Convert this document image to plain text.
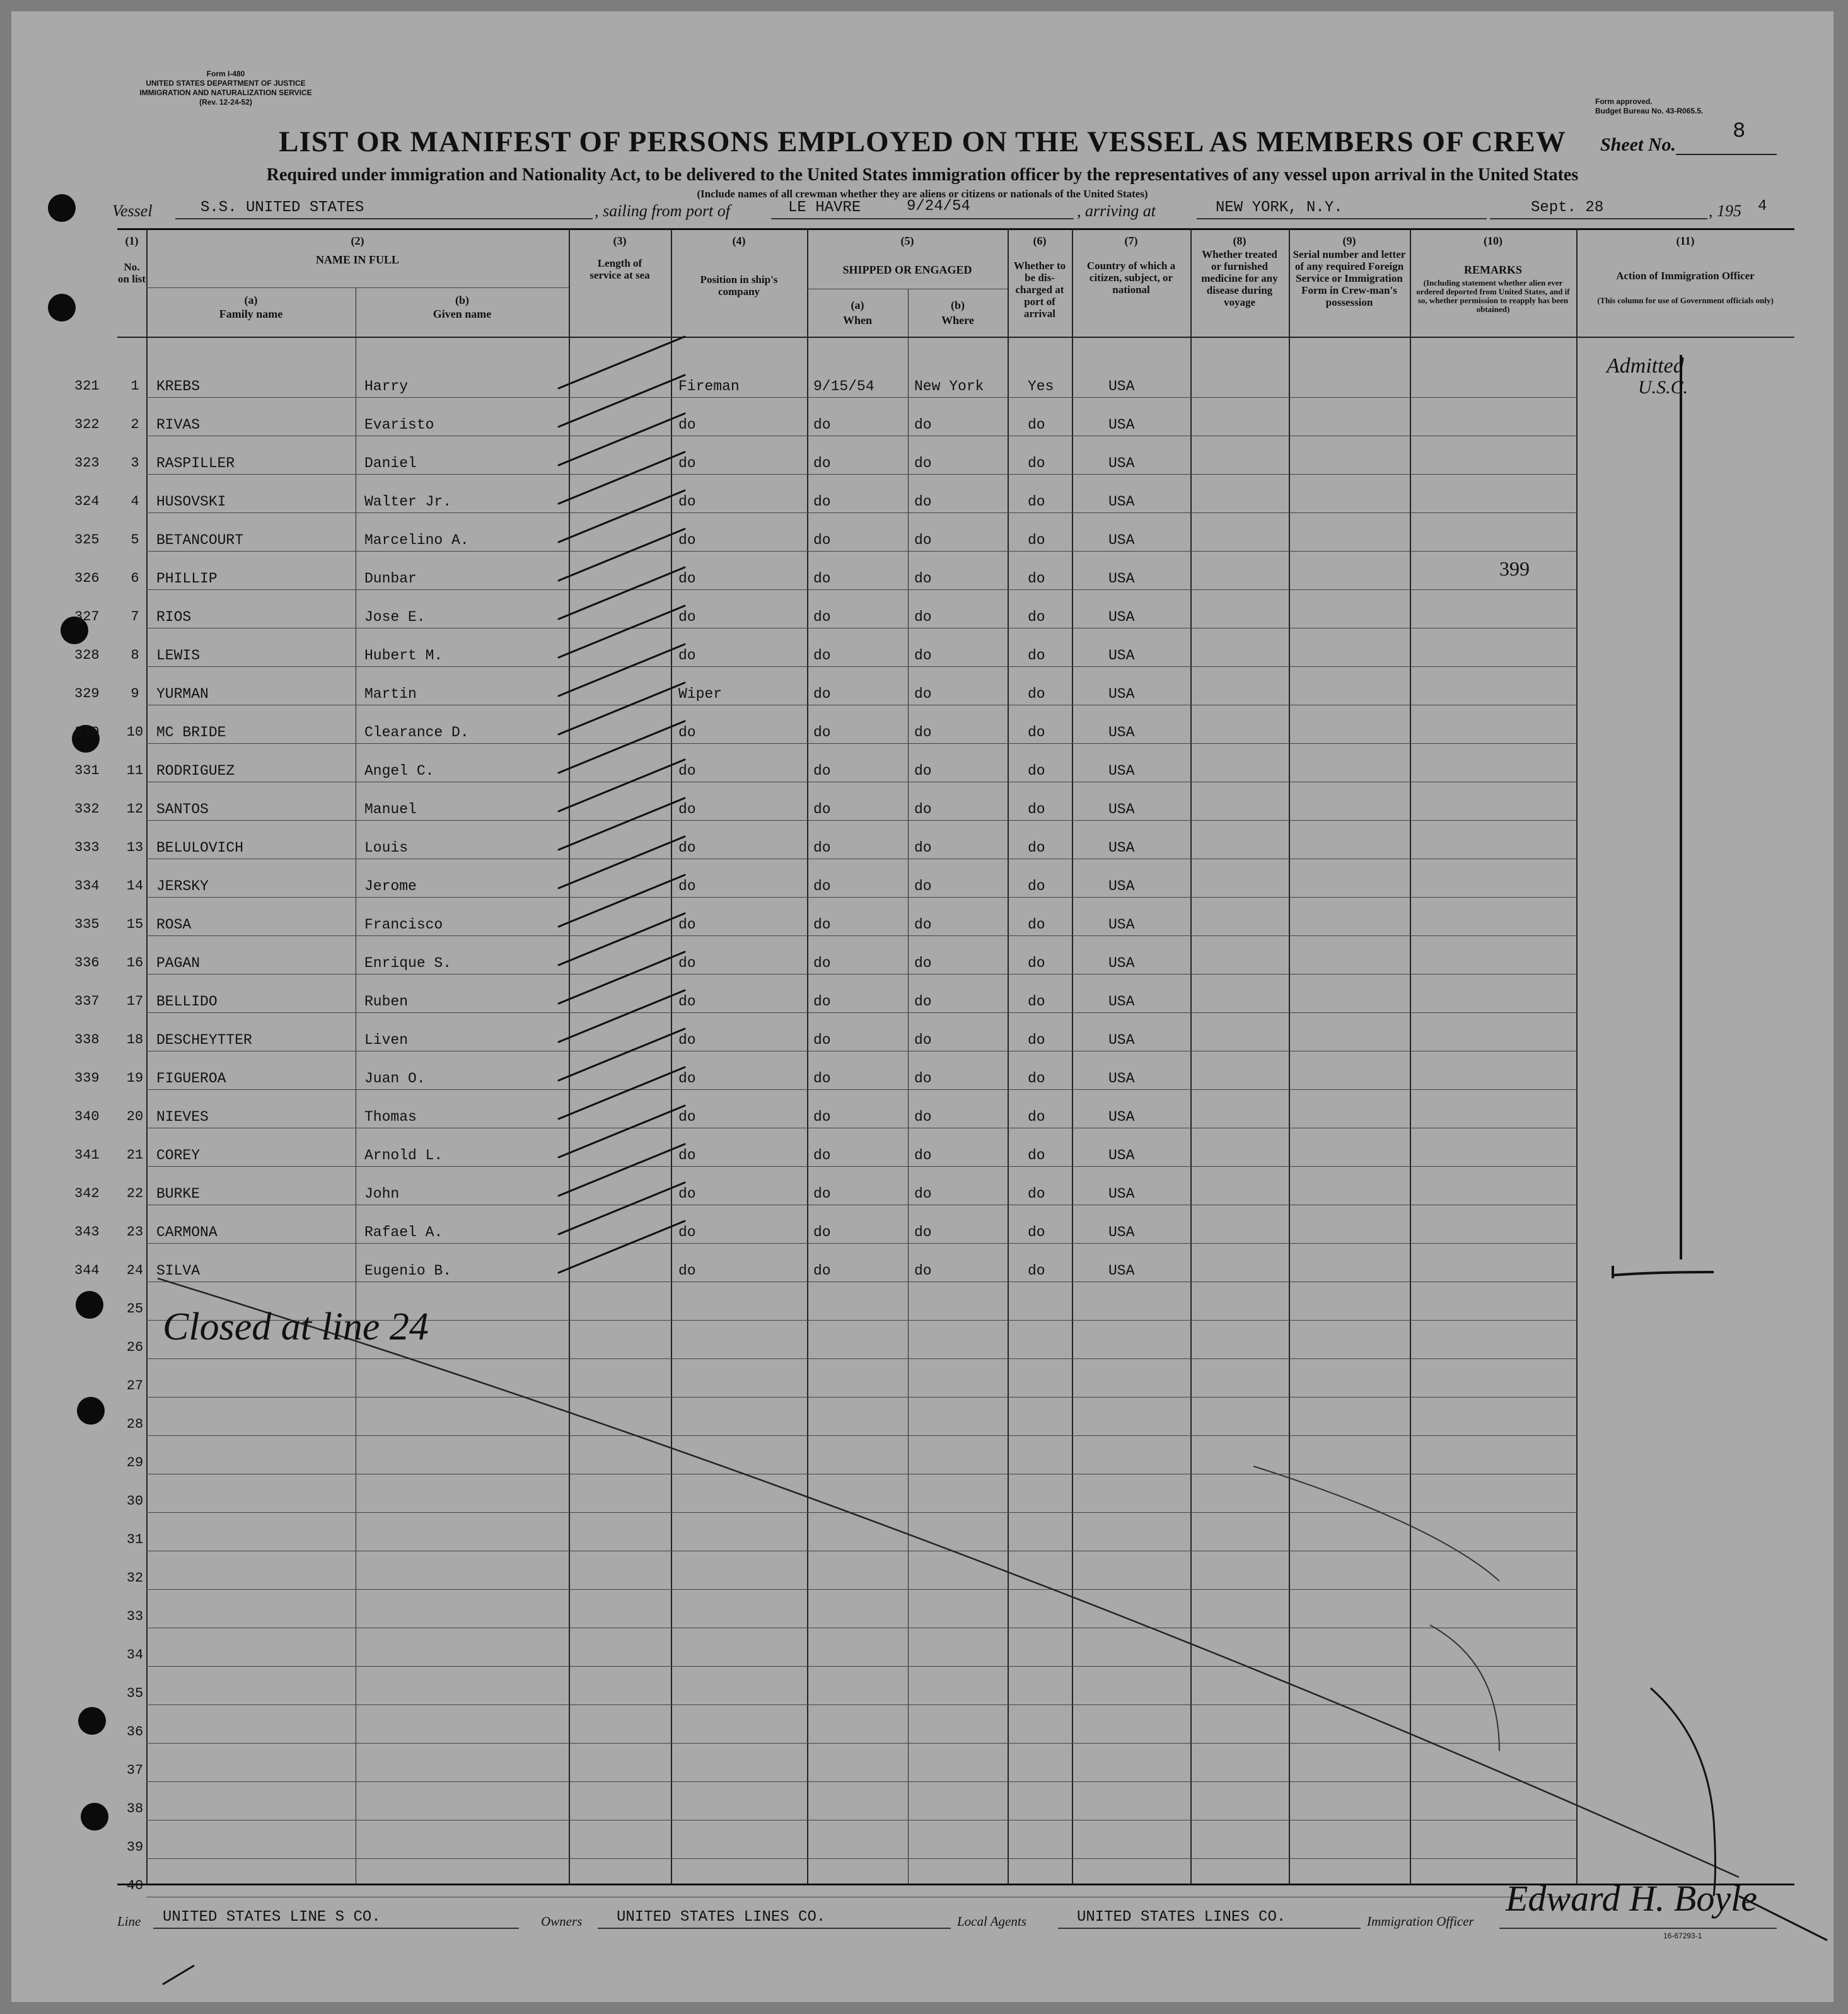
Form I-480
UNITED STATES DEPARTMENT OF JUSTICE
IMMIGRATION AND NATURALIZATION SERVICE
(Rev. 12-24-52)	Form approved.
Budget Bureau No. 43-R065.5.
LIST OR MANIFEST OF PERSONS EMPLOYED ON THE VESSEL AS MEMBERS OF CREW	Sheet No.
8
Required under immigration and Nationality Act, to be delivered to the United States immigration officer by the representatives of any vessel upon arrival in the United States
(Include names of all crewman whether they are aliens or citizens or nationals of the United States)
Vessel	S.S. UNITED STATES	, sailing from port of	LE HAVRE	9/24/54	, arriving at	NEW YORK, N.Y.	Sept. 28	, 195 4
(1)
No. on list
(2)
NAME IN FULL
(a)
Family name
(b)
Given name
(3)
Length of service at sea
(4)
Position in ship's company
(5)
SHIPPED OR ENGAGED
(a)
When
(b)
Where
(6)
Whether to be dis-charged at port of arrival
(7)
Country of which a citizen, subject, or national
(8)
Whether treated or furnished medicine for any disease during voyage
(9)
Serial number and letter of any required Foreign Service or Immigration Form in Crew-man's possession
(10)
REMARKS
(Including statement whether alien ever ordered deported from United States, and if so, whether permission to reapply has been obtained)
(11)
Action of Immigration Officer
(This column for use of Government officials only)
321	1	KREBS	Harry	Fireman	9/15/54	New York	Yes	USA
322	2	RIVAS	Evaristo	do	do	do	do	USA
323	3	RASPILLER	Daniel	do	do	do	do	USA
324	4	HUSOVSKI	Walter Jr.	do	do	do	do	USA
325	5	BETANCOURT	Marcelino A.	do	do	do	do	USA
326	6	PHILLIP	Dunbar	do	do	do	do	USA
327	7	RIOS	Jose E.	do	do	do	do	USA
328	8	LEWIS	Hubert M.	do	do	do	do	USA
329	9	YURMAN	Martin	Wiper	do	do	do	USA
330	10 MC BRIDE	Clearance D.	do	do	do	do	USA
331	11 RODRIGUEZ	Angel C.	do	do	do	do	USA
332	12 SANTOS	Manuel	do	do	do	do	USA
333	13 BELULOVICH	Louis	do	do	do	do	USA
334	14 JERSKY	Jerome	do	do	do	do	USA
335	15 ROSA	Francisco	do	do	do	do	USA
336	16 PAGAN	Enrique S.	do	do	do	do	USA
337	17 BELLIDO	Ruben	do	do	do	do	USA
338	18 DESCHEYTTER	Liven	do	do	do	do	USA
339	19 FIGUEROA	Juan O.	do	do	do	do	USA
340	20 NIEVES	Thomas	do	do	do	do	USA
341	21 COREY	Arnold L.	do	do	do	do	USA
342	22 BURKE	John	do	do	do	do	USA
343	23 CARMONA	Rafael A.	do	do	do	do	USA
344	24 SILVA	Eugenio B.	do	do	do	do	USA
25
26
27
28
29
30
31
32
33
34
35
36
37
38
39
40
399
Closed at line 24
Admitted
U.S.C.
Edward H. Boyle
Line UNITED STATES LINE S CO.	Owners UNITED STATES LINES CO.	Local Agents	UNITED STATES LINES CO.	Immigration Officer
16-67293-1
